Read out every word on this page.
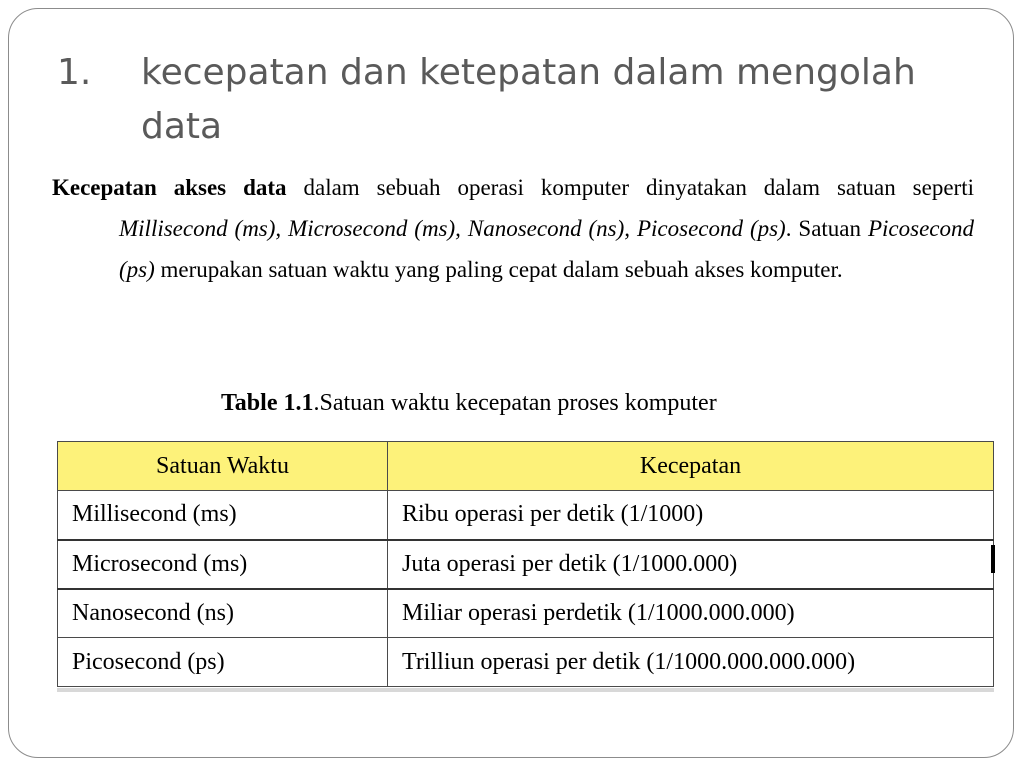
1.	kecepatan dan ketepatan dalam mengolah data
Kecepatan akses data dalam sebuah operasi komputer dinyatakan dalam satuan seperti Millisecond (ms), Microsecond (ms), Nanosecond (ns), Picosecond (ps). Satuan Picosecond (ps) merupakan satuan waktu yang paling cepat dalam sebuah akses komputer.
Table 1.1.Satuan waktu kecepatan proses komputer
Satuan Waktu	Kecepatan
Millisecond (ms)	Ribu operasi per detik (1/1000)
Microsecond (ms)	Juta operasi per detik (1/1000.000)
Nanosecond (ns)	Miliar operasi perdetik (1/1000.000.000)
Picosecond (ps)	Trilliun operasi per detik (1/1000.000.000.000)
